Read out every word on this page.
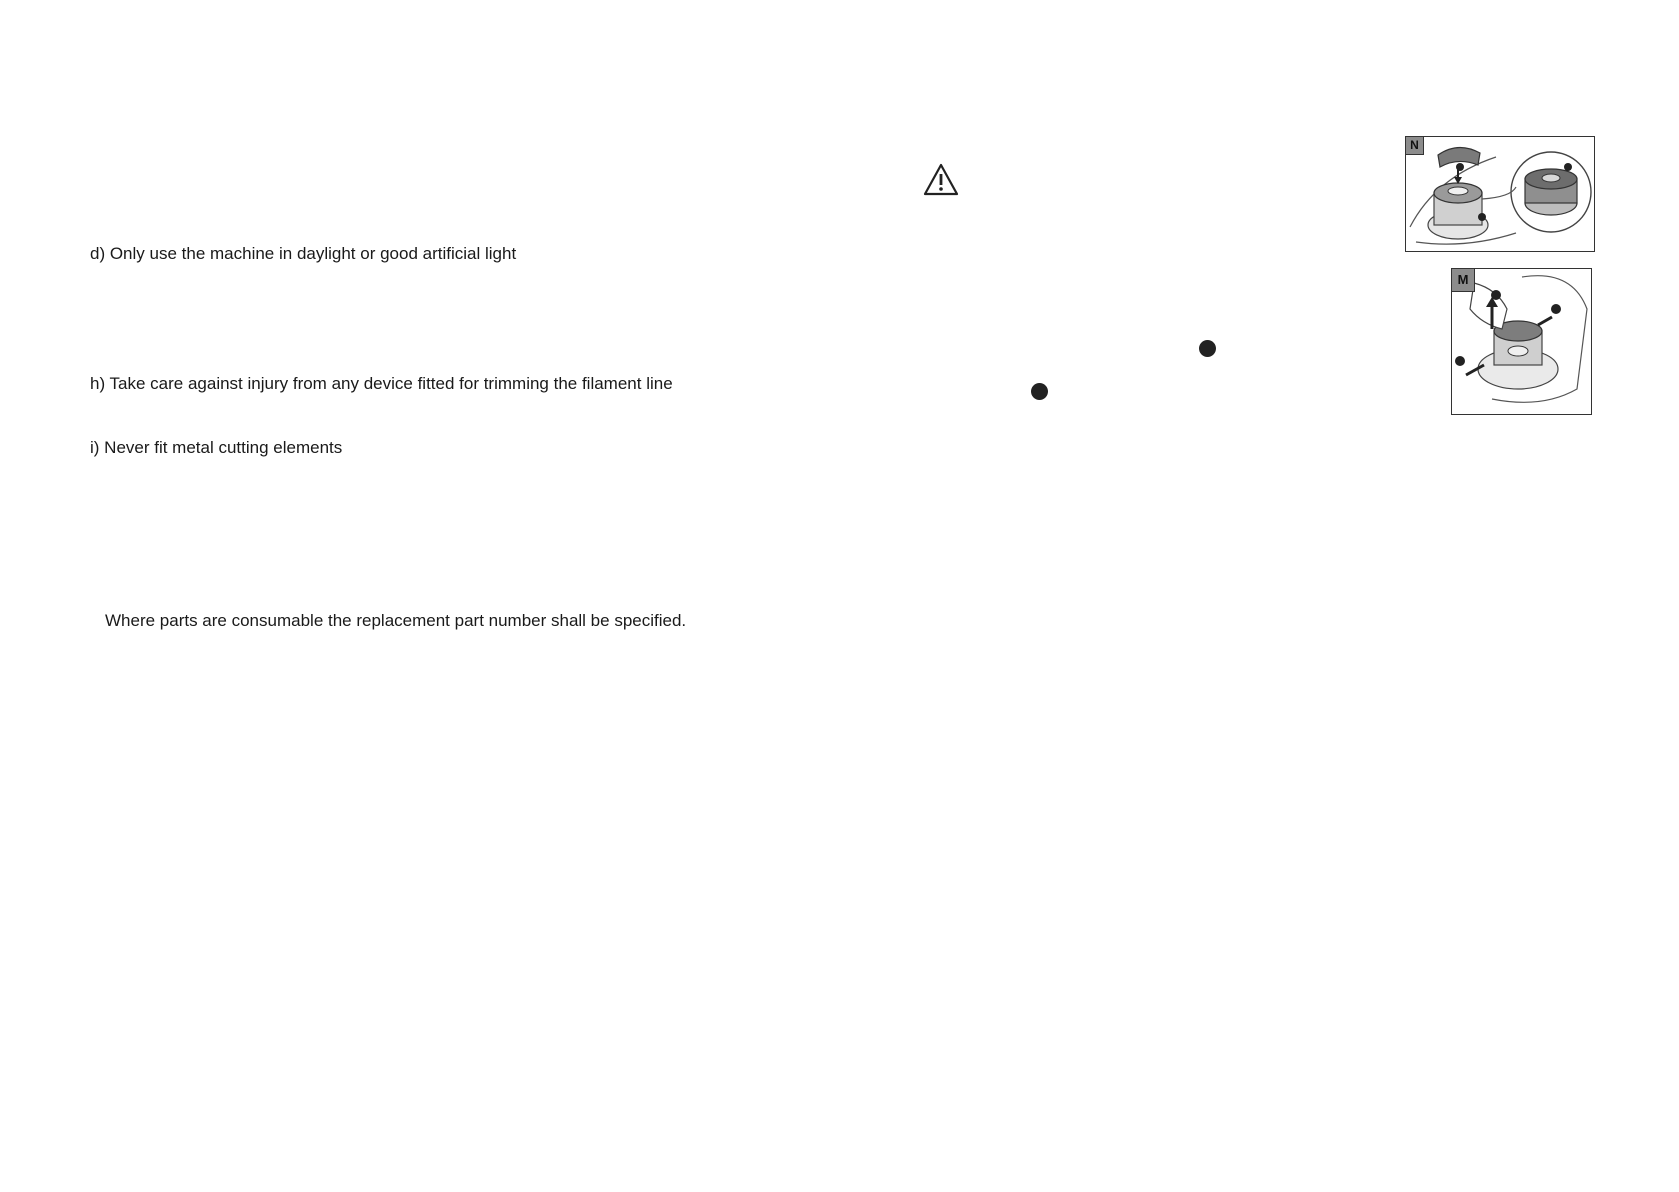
d) Only use the machine in daylight or good artificial light
h) Take care against injury from any device fitted for trimming the filament line
i) Never fit metal cutting elements
Where parts are consumable the replacement part number shall be specified.
N
M
